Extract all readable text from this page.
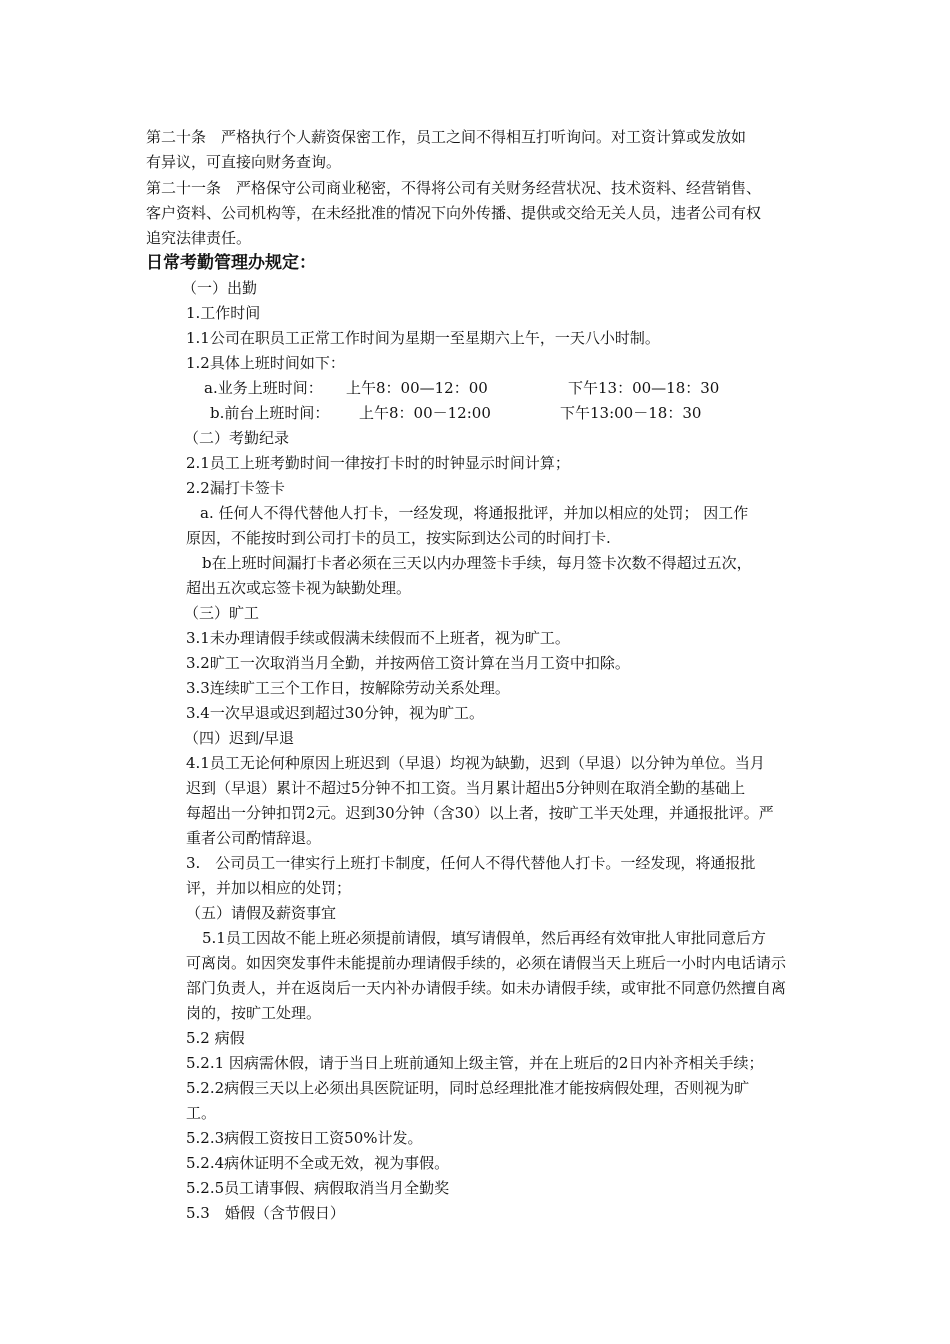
第二十条　严格执行个人薪资保密工作，员工之间不得相互打听询问。对工资计算或发放如
有异议，可直接向财务查询。
第二十一条　严格保守公司商业秘密，不得将公司有关财务经营状况、技术资料、经营销售、
客户资料、公司机构等，在未经批准的情况下向外传播、提供或交给无关人员，违者公司有权
追究法律责任。
日常考勤管理办规定：
（一）出勤
1.工作时间
1.1公司在职员工正常工作时间为星期一至星期六上午，一天八小时制。
1.2具体上班时间如下：
a.业务上班时间： 上午8：00—12：00	下午13：00—18：30
b.前台上班时间： 上午8：00－12:00	下午13:00－18：30
（二）考勤纪录
2.1员工上班考勤时间一律按打卡时的时钟显示时间计算；
2.2漏打卡签卡
a. 任何人不得代替他人打卡，一经发现，将通报批评，并加以相应的处罚； 因工作
原因，不能按时到公司打卡的员工，按实际到达公司的时间打卡.
b在上班时间漏打卡者必须在三天以内办理签卡手续，每月签卡次数不得超过五次，
超出五次或忘签卡视为缺勤处理。
（三）旷工
3.1未办理请假手续或假满未续假而不上班者，视为旷工。
3.2旷工一次取消当月全勤，并按两倍工资计算在当月工资中扣除。
3.3连续旷工三个工作日，按解除劳动关系处理。
3.4一次早退或迟到超过30分钟，视为旷工。
（四）迟到/早退
4.1员工无论何种原因上班迟到（早退）均视为缺勤，迟到（早退）以分钟为单位。当月
迟到（早退）累计不超过5分钟不扣工资。当月累计超出5分钟则在取消全勤的基础上
每超出一分钟扣罚2元。迟到30分钟（含30）以上者，按旷工半天处理，并通报批评。严
重者公司酌情辞退。
3.　公司员工一律实行上班打卡制度，任何人不得代替他人打卡。一经发现，将通报批
评，并加以相应的处罚；
（五）请假及薪资事宜
5.1员工因故不能上班必须提前请假，填写请假单，然后再经有效审批人审批同意后方
可离岗。如因突发事件未能提前办理请假手续的，必须在请假当天上班后一小时内电话请示
部门负责人，并在返岗后一天内补办请假手续。如未办请假手续，或审批不同意仍然擅自离
岗的，按旷工处理。
5.2 病假
5.2.1 因病需休假，请于当日上班前通知上级主管，并在上班后的2日内补齐相关手续；
5.2.2病假三天以上必须出具医院证明，同时总经理批准才能按病假处理，否则视为旷
工。
5.2.3病假工资按日工资50%计发。
5.2.4病休证明不全或无效，视为事假。
5.2.5员工请事假、病假取消当月全勤奖
5.3　婚假（含节假日）
